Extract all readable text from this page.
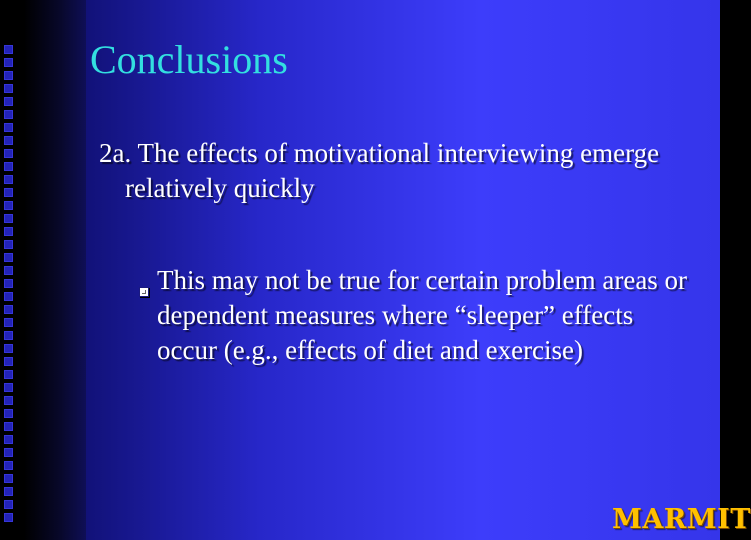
Conclusions

2a. The effects of motivational interviewing emerge relatively quickly

This may not be true for certain problem areas or dependent measures where “sleeper” effects occur (e.g., effects of diet and exercise)

MARMIT
